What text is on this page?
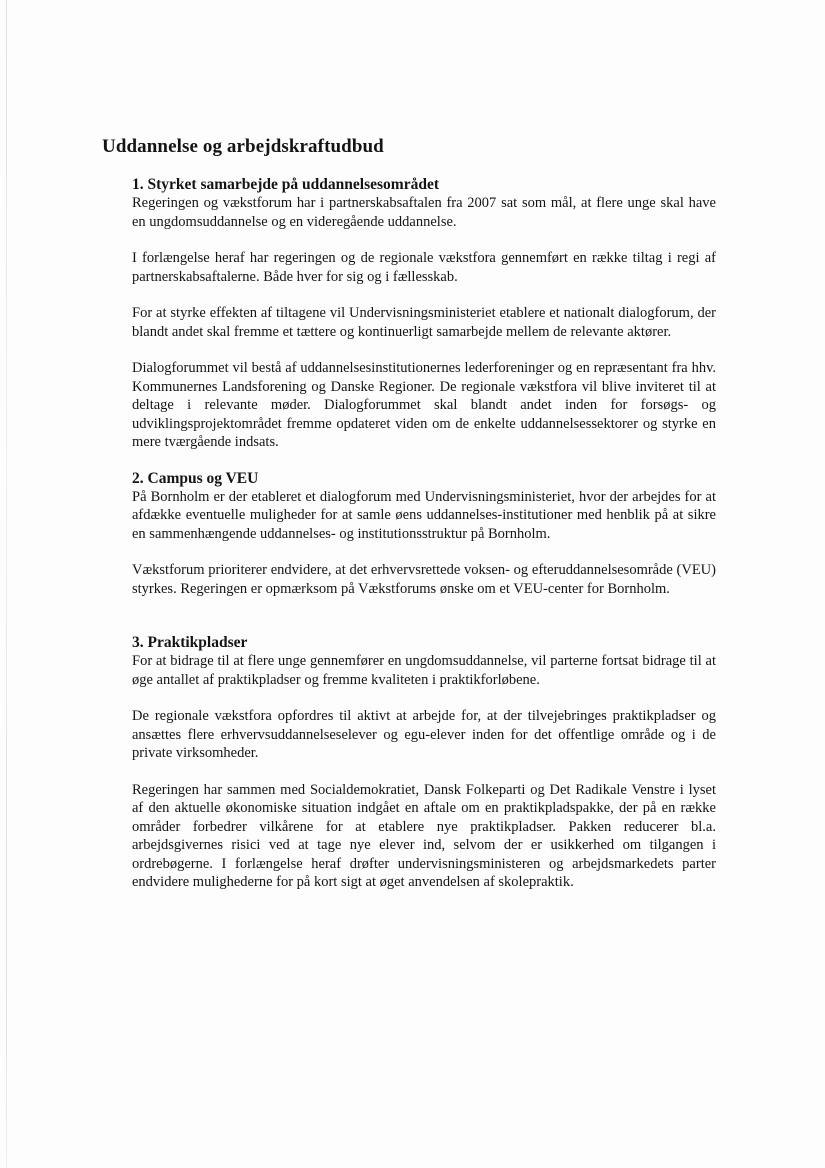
Uddannelse og arbejdskraftudbud
1. Styrket samarbejde på uddannelsesområdet

Regeringen og vækstforum har i partnerskabsaftalen fra 2007 sat som mål, at flere unge skal have en ungdomsuddannelse og en videregående uddannelse.

I forlængelse heraf har regeringen og de regionale vækstfora gennemført en række tiltag i regi af partnerskabsaftalerne. Både hver for sig og i fællesskab.

For at styrke effekten af tiltagene vil Undervisningsministeriet etablere et nationalt dialogforum, der blandt andet skal fremme et tættere og kontinuerligt samarbejde mellem de relevante aktører.

Dialogforummet vil bestå af uddannelsesinstitutionernes lederforeninger og en repræsentant fra hhv. Kommunernes Landsforening og Danske Regioner. De regionale vækstfora vil blive inviteret til at deltage i relevante møder. Dialogforummet skal blandt andet inden for forsøgs- og udviklingsprojektområdet fremme opdateret viden om de enkelte uddannelsessektorer og styrke en mere tværgående indsats.

2. Campus og VEU

På Bornholm er der etableret et dialogforum med Undervisningsministeriet, hvor der arbejdes for at afdække eventuelle muligheder for at samle øens uddannelses-institutioner med henblik på at sikre en sammenhængende uddannelses- og institutionsstruktur på Bornholm.

Vækstforum prioriterer endvidere, at det erhvervsrettede voksen- og efteruddannelsesområde (VEU) styrkes. Regeringen er opmærksom på Vækstforums ønske om et VEU-center for Bornholm.

3. Praktikpladser

For at bidrage til at flere unge gennemfører en ungdomsuddannelse, vil parterne fortsat bidrage til at øge antallet af praktikpladser og fremme kvaliteten i praktikforløbene.

De regionale vækstfora opfordres til aktivt at arbejde for, at der tilvejebringes praktikpladser og ansættes flere erhvervsuddannelseselever og egu-elever inden for det offentlige område og i de private virksomheder.

Regeringen har sammen med Socialdemokratiet, Dansk Folkeparti og Det Radikale Venstre i lyset af den aktuelle økonomiske situation indgået en aftale om en praktikpladspakke, der på en række områder forbedrer vilkårene for at etablere nye praktikpladser. Pakken reducerer bl.a. arbejdsgivernes risici ved at tage nye elever ind, selvom der er usikkerhed om tilgangen i ordrebøgerne. I forlængelse heraf drøfter undervisningsministeren og arbejdsmarkedets parter endvidere mulighederne for på kort sigt at øget anvendelsen af skolepraktik.
